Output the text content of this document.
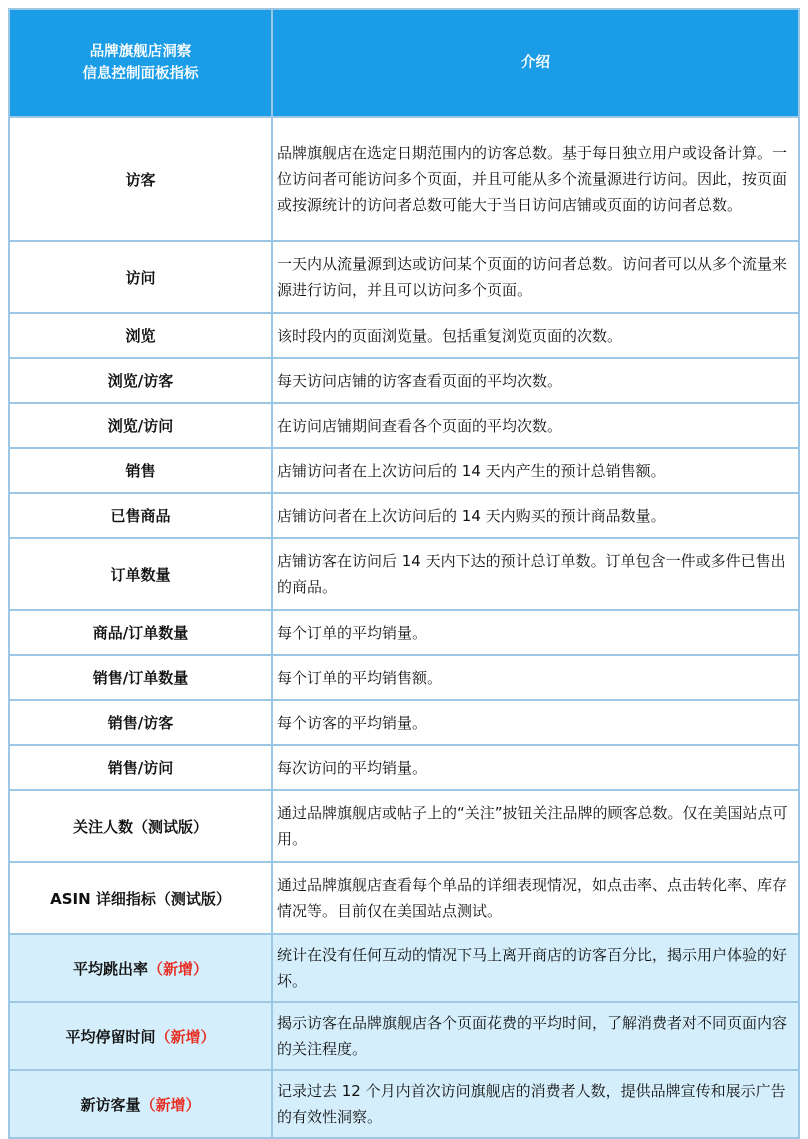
品牌旗舰店洞察
信息控制面板指标	介绍
访客	品牌旗舰店在选定日期范围内的访客总数。基于每日独立用户或设备计算。一位访问者可能访问多个页面，并且可能从多个流量源进行访问。因此，按页面或按源统计的访问者总数可能大于当日访问店铺或页面的访问者总数。
访问	一天内从流量源到达或访问某个页面的访问者总数。访问者可以从多个流量来源进行访问，并且可以访问多个页面。
浏览	该时段内的页面浏览量。包括重复浏览页面的次数。
浏览/访客	每天访问店铺的访客查看页面的平均次数。
浏览/访问	在访问店铺期间查看各个页面的平均次数。
销售	店铺访问者在上次访问后的 14 天内产生的预计总销售额。
已售商品	店铺访问者在上次访问后的 14 天内购买的预计商品数量。
订单数量	店铺访客在访问后 14 天内下达的预计总订单数。订单包含一件或多件已售出的商品。
商品/订单数量	每个订单的平均销量。
销售/订单数量	每个订单的平均销售额。
销售/访客	每个访客的平均销量。
销售/访问	每次访问的平均销量。
关注人数（测试版）	通过品牌旗舰店或帖子上的“关注”披钮关注品牌的顾客总数。仅在美国站点可用。
ASIN 详细指标（测试版）	通过品牌旗舰店查看每个单品的详细表现情况，如点击率、点击转化率、库存情况等。目前仅在美国站点测试。
平均跳出率（新增）	统计在没有任何互动的情况下马上离开商店的访客百分比，揭示用户体验的好坏。
平均停留时间（新增）	揭示访客在品牌旗舰店各个页面花费的平均时间，了解消费者对不同页面内容的关注程度。
新访客量（新增）	记录过去 12 个月内首次访问旗舰店的消费者人数，提供品牌宣传和展示广告的有效性洞察。
